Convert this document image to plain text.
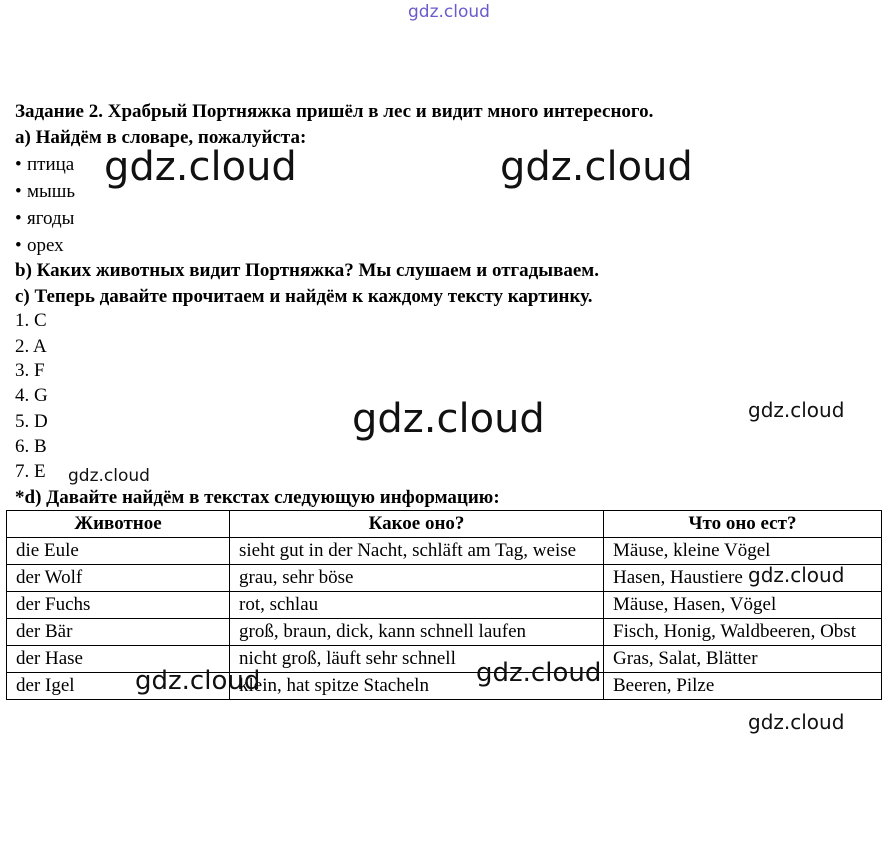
gdz.cloud
Задание 2. Храбрый Портняжка пришёл в лес и видит много интересного.
a) Найдём в словаре, пожалуйста:
• птица
• мышь
• ягоды
• орех
b) Каких животных видит Портняжка? Мы слушаем и отгадываем.
c) Теперь давайте прочитаем и найдём к каждому тексту картинку.
1. C
2. A
3. F
4. G
5. D
6. B
7. E
*d) Давайте найдём в текстах следующую информацию:
Животное	Какое оно?	Что оно ест?
die Eule	sieht gut in der Nacht, schläft am Tag, weise	Mäuse, kleine Vögel
der Wolf	grau, sehr böse	Hasen, Haustiere
der Fuchs	rot, schlau	Mäuse, Hasen, Vögel
der Bär	groß, braun, dick, kann schnell laufen	Fisch, Honig, Waldbeeren, Obst
der Hase	nicht groß, läuft sehr schnell	Gras, Salat, Blätter
der Igel	klein, hat spitze Stacheln	Beeren, Pilze
gdz.cloud	gdz.cloud
gdz.cloud	gdz.cloud
gdz.cloud
gdz.cloud
gdz.cloud	gdz.cloud
gdz.cloud
